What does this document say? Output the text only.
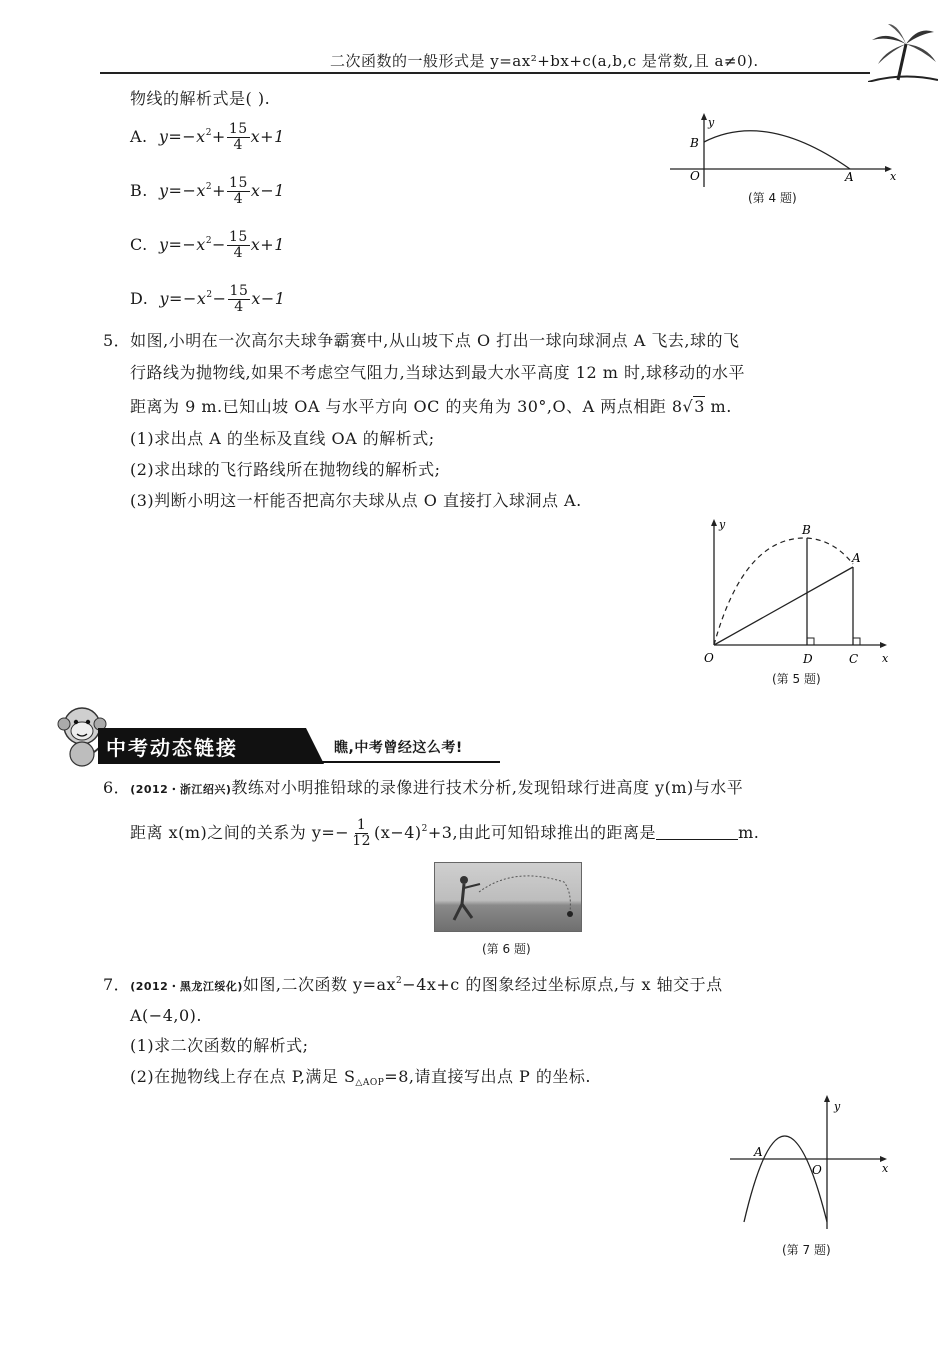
二次函数的一般形式是 y=ax²+bx+c(a,b,c 是常数,且 a≠0).
物线的解析式是( ).
A. $y=-x^2+ \frac{15}{4} x+1$
B. $y=-x^2+ \frac{15}{4} x-1$
C. $y=-x^2- \frac{15}{4} x+1$
D. $y=-x^2- \frac{15}{4} x-1$
y
x
B
O	A
(第 4 题)
5．如图,小明在一次高尔夫球争霸赛中,从山坡下点 O 打出一球向球洞点 A 飞去,球的飞
行路线为抛物线,如果不考虑空气阻力,当球达到最大水平高度 12 m 时,球移动的水平
距离为 9 m.已知山坡 OA 与水平方向 OC 的夹角为 30°,O、A 两点相距 8√3 m.
(1)求出点 A 的坐标及直线 OA 的解析式;
(2)求出球的飞行路线所在抛物线的解析式;
(3)判断小明这一杆能否把高尔夫球从点 O 直接打入球洞点 A.
y
x
B
A
O	D	C
(第 5 题)
中考动态链接	瞧,中考曾经这么考!
6．(2012・浙江绍兴)教练对小明推铅球的录像进行技术分析,发现铅球行进高度 y(m)与水平
距离 x(m)之间的关系为 $y=- \frac{1}{12} (x-4)^2+3$,由此可知铅球推出的距离是	m.
(第 6 题)
7．(2012・黑龙江绥化)如图,二次函数 $y=ax^2-4x+c$ 的图象经过坐标原点,与 x 轴交于点
A(−4,0).
(1)求二次函数的解析式;
(2)在抛物线上存在点 P,满足 $S_{\triangle AOP}=8$,请直接写出点 P 的坐标.
y
x
A
O
(第 7 题)
